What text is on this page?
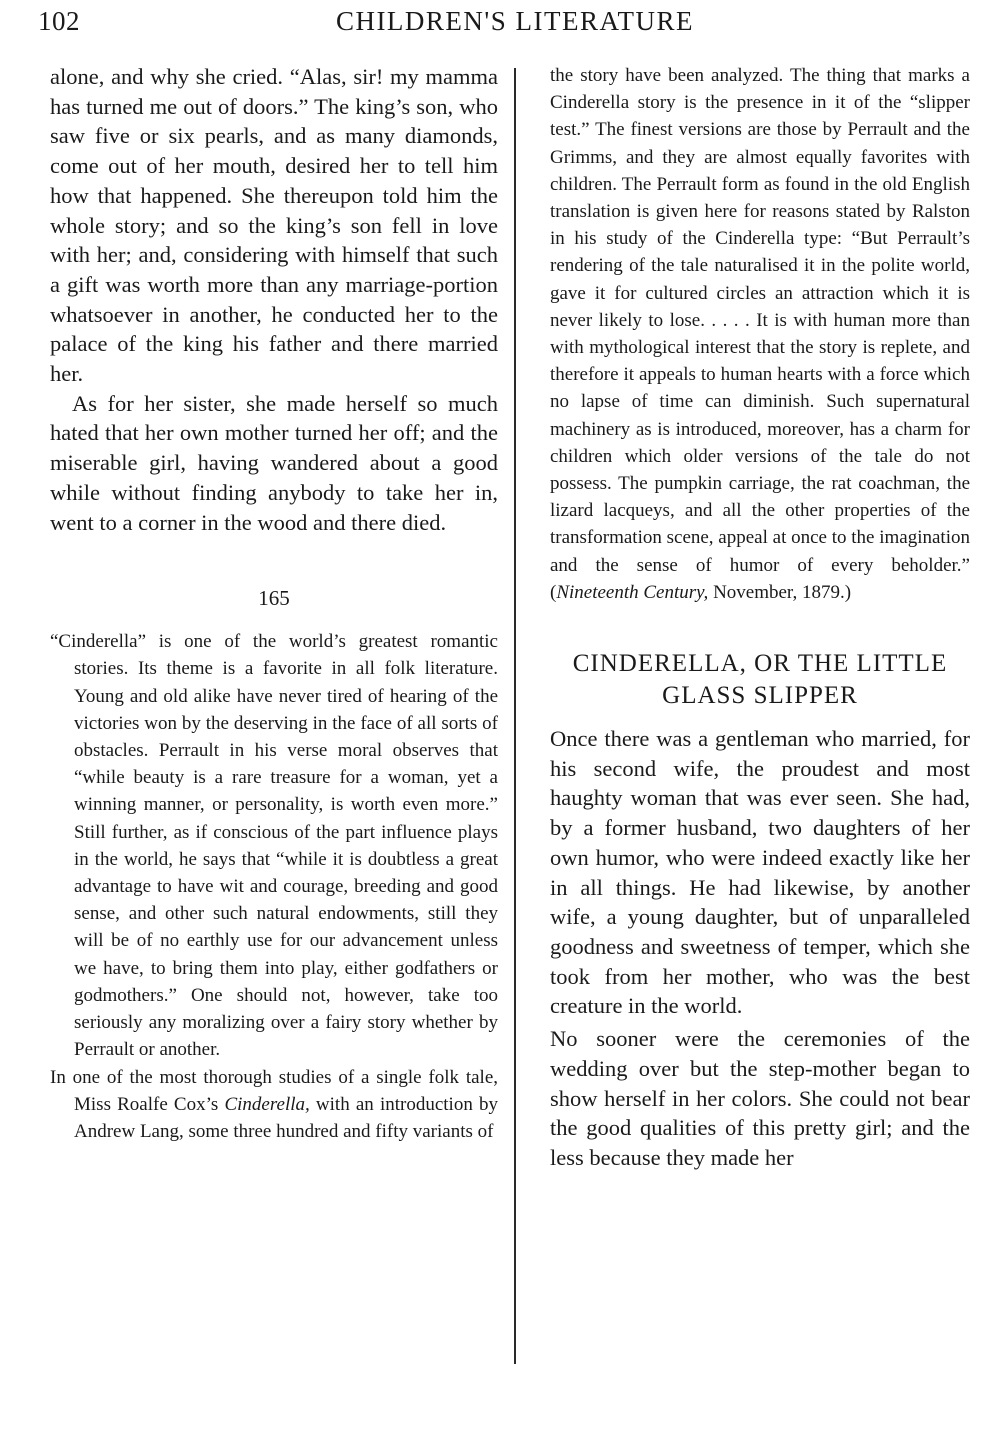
102	CHILDREN'S LITERATURE

alone, and why she cried. “Alas, sir! my mamma has turned me out of doors.” The king’s son, who saw five or six pearls, and as many diamonds, come out of her mouth, desired her to tell him how that happened. She thereupon told him the whole story; and so the king’s son fell in love with her; and, considering with himself that such a gift was worth more than any marriage-portion whatsoever in another, he conducted her to the palace of the king his father and there married her.

As for her sister, she made herself so much hated that her own mother turned her off; and the miserable girl, having wandered about a good while without finding anybody to take her in, went to a corner in the wood and there died.

165

“Cinderella” is one of the world’s greatest romantic stories. Its theme is a favorite in all folk literature. Young and old alike have never tired of hearing of the victories won by the deserving in the face of all sorts of obstacles. Perrault in his verse moral observes that “while beauty is a rare treasure for a woman, yet a winning manner, or personality, is worth even more.” Still further, as if conscious of the part influence plays in the world, he says that “while it is doubtless a great advantage to have wit and courage, breeding and good sense, and other such natural endowments, still they will be of no earthly use for our advancement unless we have, to bring them into play, either godfathers or godmothers.” One should not, however, take too seriously any moralizing over a fairy story whether by Perrault or another.

In one of the most thorough studies of a single folk tale, Miss Roalfe Cox’s Cinderella, with an introduction by Andrew Lang, some three hundred and fifty variants of

the story have been analyzed. The thing that marks a Cinderella story is the presence in it of the “slipper test.” The finest versions are those by Perrault and the Grimms, and they are almost equally favorites with children. The Perrault form as found in the old English translation is given here for reasons stated by Ralston in his study of the Cinderella type: “But Perrault’s rendering of the tale naturalised it in the polite world, gave it for cultured circles an attraction which it is never likely to lose. . . . . It is with human more than with mythological interest that the story is replete, and therefore it appeals to human hearts with a force which no lapse of time can diminish. Such supernatural machinery as is introduced, moreover, has a charm for children which older versions of the tale do not possess. The pumpkin carriage, the rat coachman, the lizard lacqueys, and all the other properties of the transformation scene, appeal at once to the imagination and the sense of humor of every beholder.” (Nineteenth Century, November, 1879.)

CINDERELLA, OR THE LITTLE GLASS SLIPPER

Once there was a gentleman who married, for his second wife, the proudest and most haughty woman that was ever seen. She had, by a former husband, two daughters of her own humor, who were indeed exactly like her in all things. He had likewise, by another wife, a young daughter, but of unparalleled goodness and sweetness of temper, which she took from her mother, who was the best creature in the world.

No sooner were the ceremonies of the wedding over but the step-mother began to show herself in her colors. She could not bear the good qualities of this pretty girl; and the less because they made her
